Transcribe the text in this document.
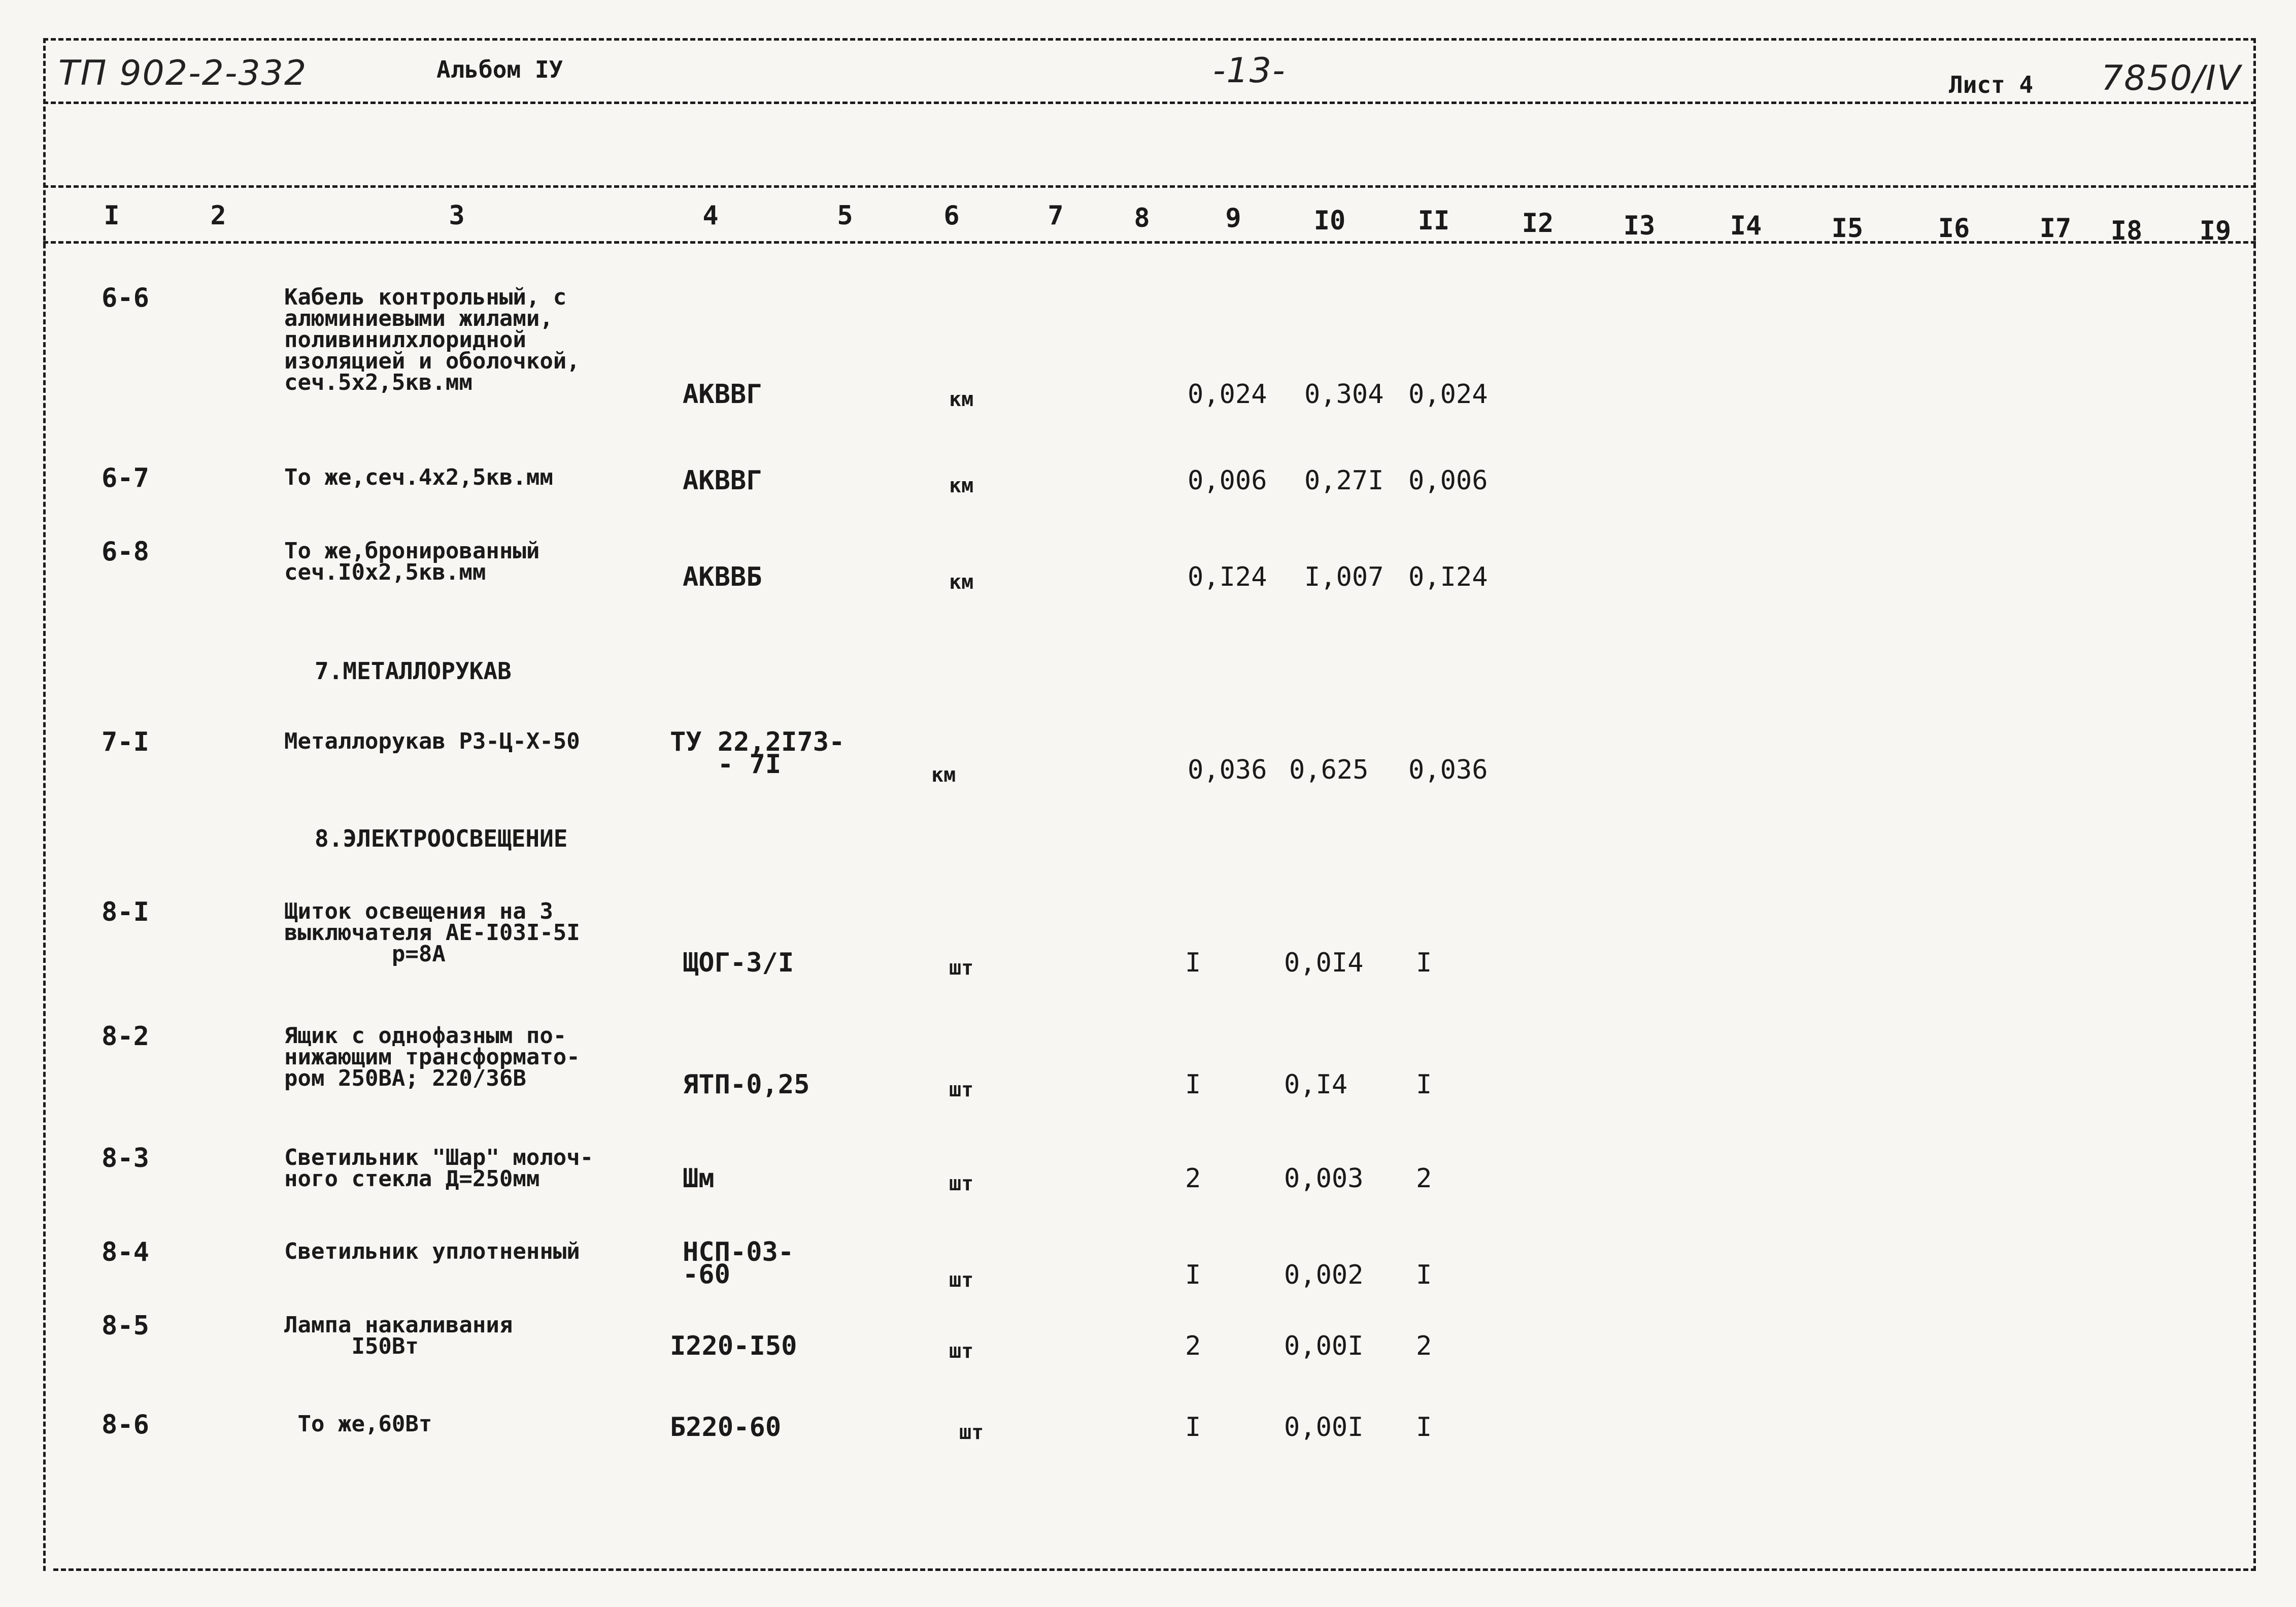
ТП 902-2-332	Альбом IУ	-13-	Лист 4 7850/IV
I	2	3	4	5	6	7	8	9	I0	II	I2	I3	I4	I5	I6	I7	I8	I9
6-6	Кабель контрольный, с
алюминиевыми жилами,
поливинилхлоридной
изоляцией и оболочкой,
сеч.5х2,5кв.мм	АКВВГ	км	0,024 0,304 0,024
6-7	То же,сеч.4х2,5кв.мм	АКВВГ	км	0,006 0,27I 0,006
6-8	То же,бронированный
сеч.I0х2,5кв.мм	АКВВБ	км	0,I24 I,007 0,I24
7-I	Металлорукав РЗ-Ц-Х-50	ТУ 22,2I73-
- 7I	км	0,036 0,625 0,036
8-I	Щиток освещения на 3
выключателя АЕ-I03I-5I
р=8А	ЩОГ-3/I	шт	I	0,0I4 I
8-2	Ящик с однофазным по-
нижающим трансформато-
ром 250ВА; 220/36В	ЯТП-0,25	шт	I	0,I4	I
8-3	Светильник "Шар" молоч-
ного стекла Д=250мм	Шм	шт	2	0,003 2
8-4	Светильник уплотненный	НСП-03-
-60	шт	I	0,002 I
8-5	Лампа накаливания
I50Вт	I220-I50	шт	2	0,00I 2
8-6	То же,60Вт	Б220-60	шт	I	0,00I I
7.МЕТАЛЛОРУКАВ
8.ЭЛЕКТРООСВЕЩЕНИЕ
